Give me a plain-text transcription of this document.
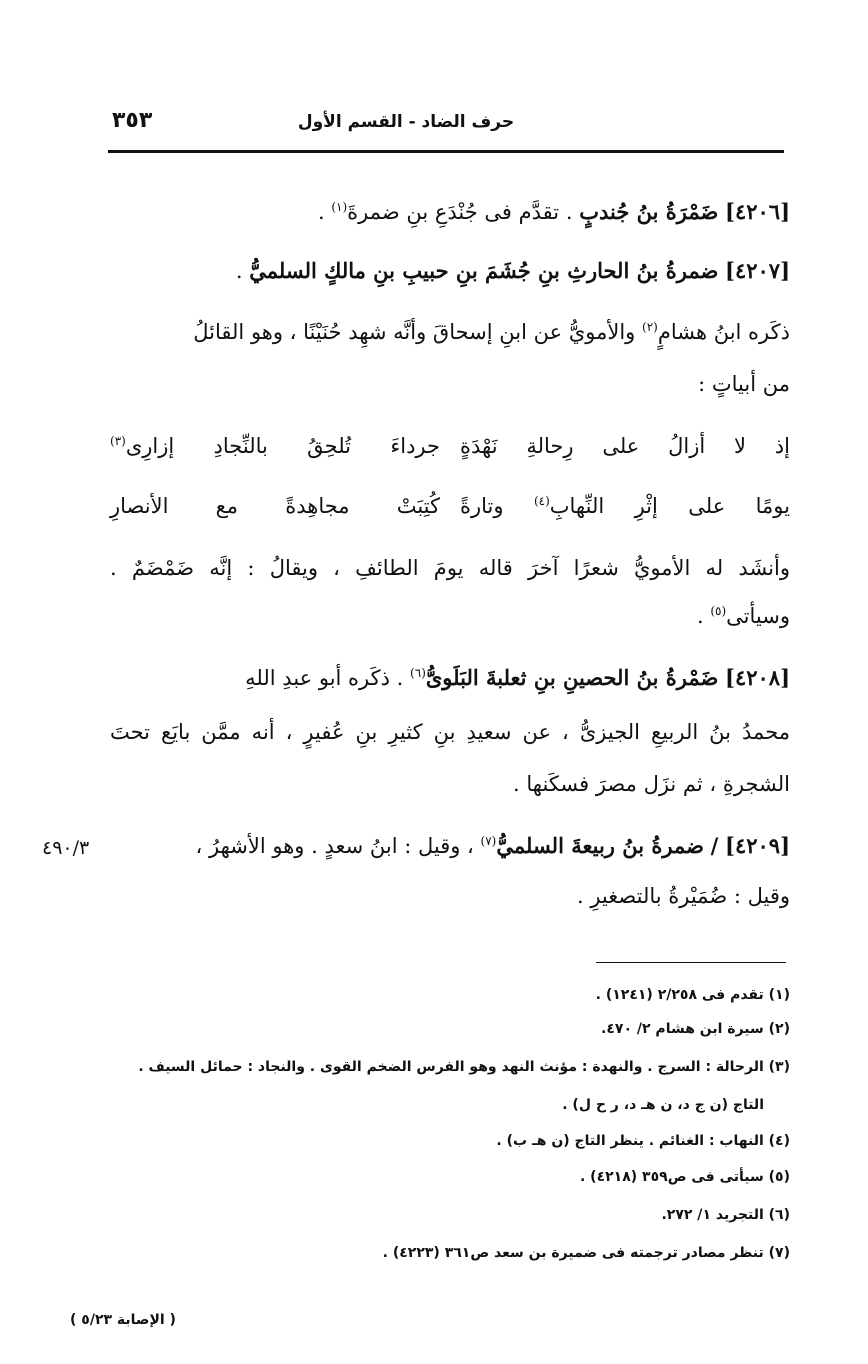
حرف الضاد - القسم الأول
٣٥٣
[٤٢٠٦] ضَمْرَةُ بنُ جُندبٍ . تقدَّم فى جُنْدَعِ بنِ ضمرةَ$^{(١)}$ .
[٤٢٠٧] ضمرةُ بنُ الحارثِ بنِ جُشَمَ بنِ حبيبِ بنِ مالكٍ السلميُّ .
ذكَره ابنُ هشامٍ$^{(٢)}$ والأمويُّ عن ابنِ إسحاقَ وأنَّه شهِد حُنَيْنًا ، وهو القائلُ
من أبياتٍ :
إذ لا أزالُ على رِحالةِ نَهْدَةٍ
جرداءَ تُلحِقُ بالنِّجادِ إزارِى$^{(٣)}$
يومًا على إثْرِ النِّهابِ$^{(٤)}$ وتارةً
كُتِبَتْ مجاهِدةً مع الأنصارِ
وأنشَد له الأمويُّ شعرًا آخرَ قاله يومَ الطائفِ ، ويقالُ : إنَّه ضَمْضَمٌ .
وسيأتى$^{(٥)}$ .
[٤٢٠٨] ضَمْرةُ بنُ الحصينِ بنِ ثعلبةَ البَلَوىُّ$^{(٦)}$ . ذكَره أبو عبدِ اللهِ
محمدُ بنُ الربيعِ الجيزىُّ ، عن سعيدِ بنِ كثيرِ بنِ عُفيرٍ ، أنه ممَّن بايَع تحتَ
الشجرةِ ، ثم نزَل مصرَ فسكَنها .
[٤٢٠٩] / ضمرةُ بنُ ربيعةَ السلميُّ$^{(٧)}$ ، وقيل : ابنُ سعدٍ . وهو الأشهرُ ،
٤٩٠/٣
وقيل : ضُمَيْرةُ بالتصغيرِ .
(١) تقدم فى ٢/٢٥٨ (١٢٤١) .
(٢) سيرة ابن هشام ٢/ ٤٧٠.
(٣) الرحالة : السرج . والنهدة : مؤنث النهد وهو الفرس الضخم القوى . والنجاد : حمائل السيف .
التاج (ن ج د، ن هـ د، ر ح ل) .
(٤) النهاب : الغنائم . ينظر التاج (ن هـ ب) .
(٥) سيأتى فى ص٣٥٩ (٤٢١٨) .
(٦) التجريد ١/ ٢٧٢.
(٧) تنظر مصادر ترجمته فى ضميرة بن سعد ص٣٦١ (٤٢٢٣) .
( الإصابة ٥/٢٣ )
